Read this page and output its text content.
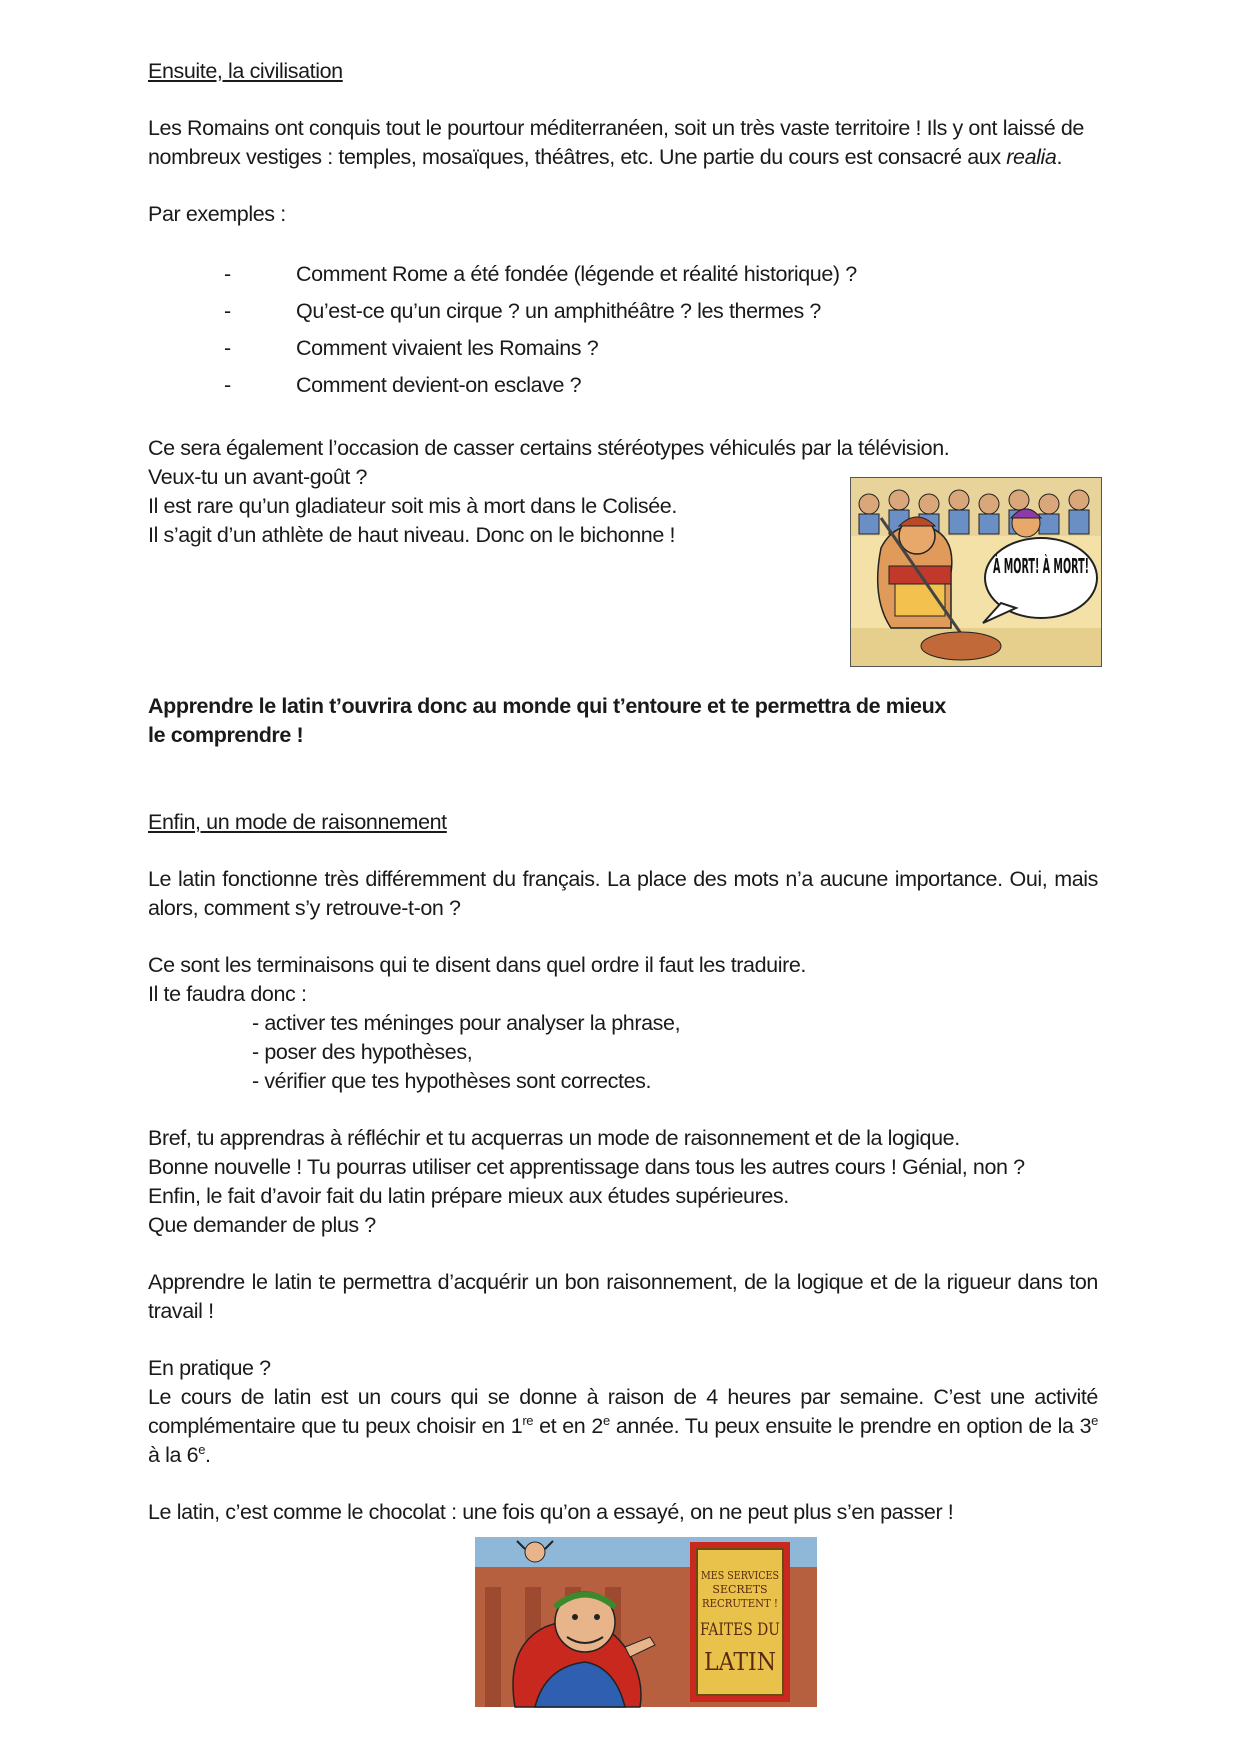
Ensuite, la civilisation
Les Romains ont conquis tout le pourtour méditerranéen, soit un très vaste territoire ! Ils y ont laissé de nombreux vestiges : temples, mosaïques, théâtres, etc. Une partie du cours est consacré aux realia.
Par exemples :
-	Comment Rome a été fondée (légende et réalité historique) ?
-	Qu’est-ce qu’un cirque ? un amphithéâtre ? les thermes ?
-	Comment vivaient les Romains ?
-	Comment devient-on esclave ?
Ce sera également l’occasion de casser certains stéréotypes véhiculés par la télévision.
Veux-tu un avant-goût ?
Il est rare qu’un gladiateur soit mis à mort dans le Colisée.
Il s’agit d’un athlète de haut niveau. Donc on le bichonne !
À MORT! À MORT!
Apprendre le latin t’ouvrira donc au monde qui t’entoure et te permettra de mieux le comprendre !
Enfin, un mode de raisonnement
Le latin fonctionne très différemment du français. La place des mots n’a aucune importance. Oui, mais alors, comment s’y retrouve-t-on ?
Ce sont les terminaisons qui te disent dans quel ordre il faut les traduire.
Il te faudra donc :
- activer tes méninges pour analyser la phrase,
- poser des hypothèses,
- vérifier que tes hypothèses sont correctes.
Bref, tu apprendras à réfléchir et tu acquerras un mode de raisonnement et de la logique.
Bonne nouvelle ! Tu pourras utiliser cet apprentissage dans tous les autres cours ! Génial, non ?
Enfin, le fait d’avoir fait du latin prépare mieux aux études supérieures.
Que demander de plus ?
Apprendre le latin te permettra d’acquérir un bon raisonnement, de la logique et de la rigueur dans ton travail !
En pratique ?
Le cours de latin est un cours qui se donne à raison de 4 heures par semaine. C’est une activité complémentaire que tu peux choisir en 1re et en 2e année. Tu peux ensuite le prendre en option de la 3e à la 6e.
Le latin, c’est comme le chocolat : une fois qu’on a essayé, on ne peut plus s’en passer !
MES SERVICES
SECRETS
RECRUTENT !
FAITES DU
LATIN
